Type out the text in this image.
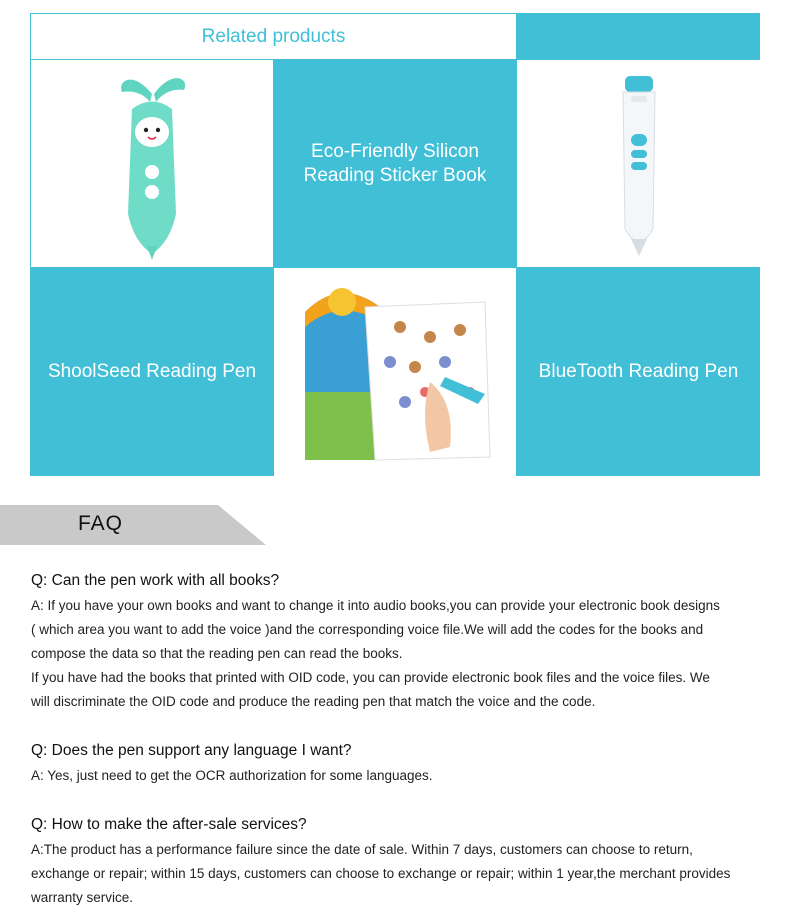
Related products
Eco-Friendly Silicon Reading Sticker Book
ShoolSeed Reading Pen	BlueTooth Reading Pen
FAQ
Q: Can the pen work with all books?
A: If you have your own books and want to change it into audio books,you can provide your electronic book designs
( which area you want to add the voice )and the corresponding voice file.We will add the codes for the books and
compose the data so that the reading pen can read the books.
If you have had the books that printed with OID code, you can provide electronic book files and the voice files. We
will discriminate the OID code and produce the reading pen that match the voice and the code.
Q: Does the pen support any language I want?
A: Yes, just need to get the OCR authorization for some languages.
Q: How to make the after-sale services?
A:The product has a performance failure since the date of sale. Within 7 days, customers can choose to return,
exchange or repair; within 15 days, customers can choose to exchange or repair; within 1 year,the merchant provides
warranty service.
